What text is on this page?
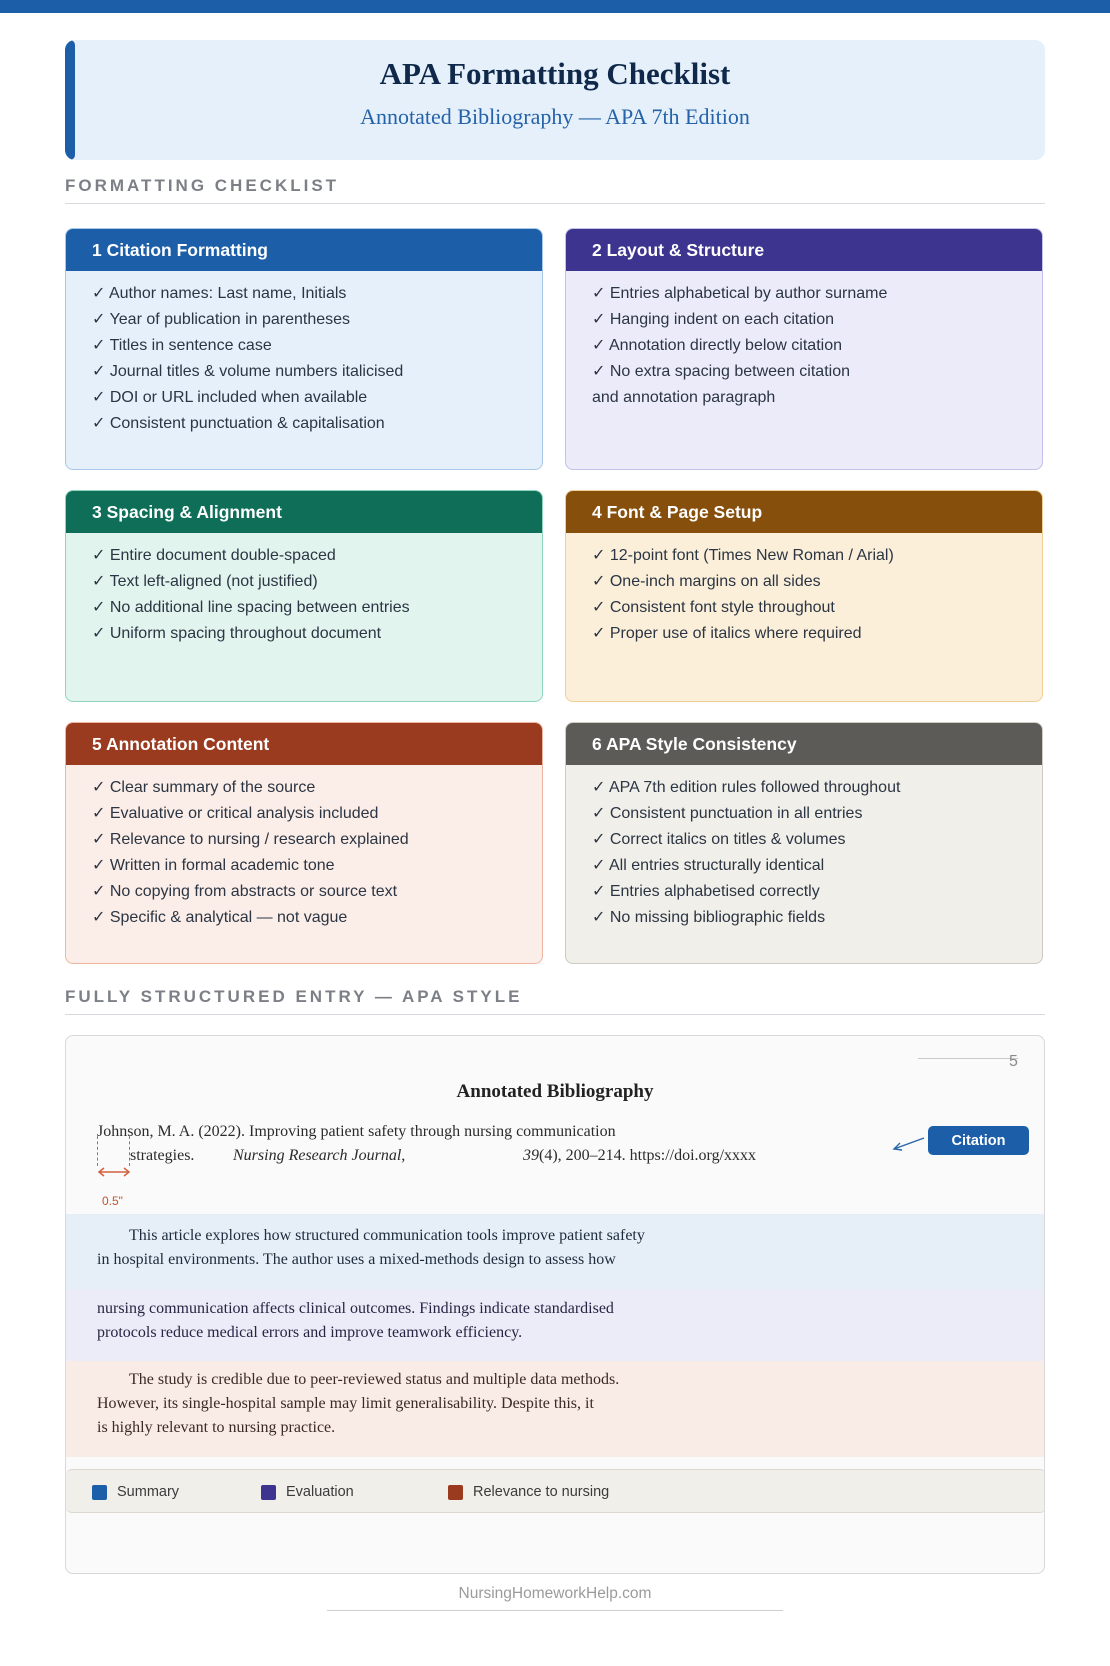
APA Formatting Checklist
Annotated Bibliography — APA 7th Edition
FORMATTING CHECKLIST
1 Citation Formatting
✓ Author names: Last name, Initials
✓ Year of publication in parentheses
✓ Titles in sentence case
✓ Journal titles & volume numbers italicised
✓ DOI or URL included when available
✓ Consistent punctuation & capitalisation
2 Layout & Structure
✓ Entries alphabetical by author surname
✓ Hanging indent on each citation
✓ Annotation directly below citation
✓ No extra spacing between citation
and annotation paragraph
3 Spacing & Alignment
✓ Entire document double-spaced
✓ Text left-aligned (not justified)
✓ No additional line spacing between entries
✓ Uniform spacing throughout document
4 Font & Page Setup
✓ 12-point font (Times New Roman / Arial)
✓ One-inch margins on all sides
✓ Consistent font style throughout
✓ Proper use of italics where required
5 Annotation Content
✓ Clear summary of the source
✓ Evaluative or critical analysis included
✓ Relevance to nursing / research explained
✓ Written in formal academic tone
✓ No copying from abstracts or source text
✓ Specific & analytical — not vague
6 APA Style Consistency
✓ APA 7th edition rules followed throughout
✓ Consistent punctuation in all entries
✓ Correct italics on titles & volumes
✓ All entries structurally identical
✓ Entries alphabetised correctly
✓ No missing bibliographic fields
FULLY STRUCTURED ENTRY — APA STYLE
5
Annotated Bibliography
Johnson, M. A. (2022). Improving patient safety through nursing communication
strategies. Nursing Research Journal,	39(4), 200–214. https://doi.org/xxxx
0.5"
Citation
This article explores how structured communication tools improve patient safety
in hospital environments. The author uses a mixed-methods design to assess how
nursing communication affects clinical outcomes. Findings indicate standardised
protocols reduce medical errors and improve teamwork efficiency.
The study is credible due to peer-reviewed status and multiple data methods.
However, its single-hospital sample may limit generalisability. Despite this, it
is highly relevant to nursing practice.
Summary	Evaluation	Relevance to nursing
NursingHomeworkHelp.com
